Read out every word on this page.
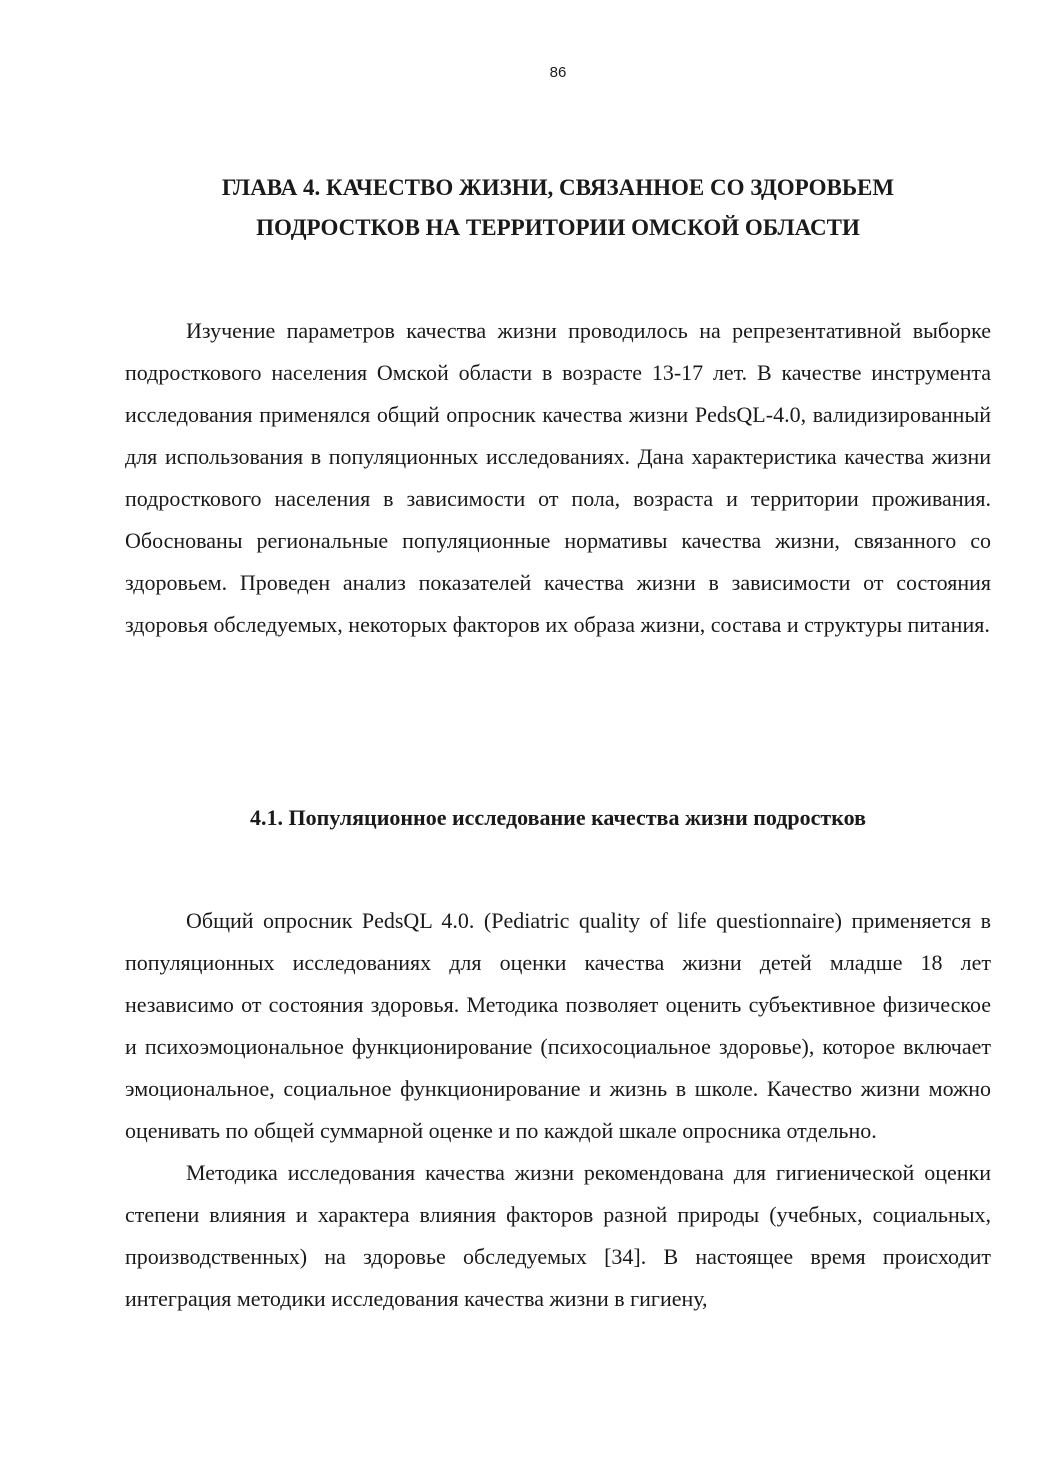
86
ГЛАВА 4. КАЧЕСТВО ЖИЗНИ, СВЯЗАННОЕ СО ЗДОРОВЬЕМ
ПОДРОСТКОВ НА ТЕРРИТОРИИ ОМСКОЙ ОБЛАСТИ

Изучение параметров качества жизни проводилось на репрезентативной выборке подросткового населения Омской области в возрасте 13-17 лет. В качестве инструмента исследования применялся общий опросник качества жизни PedsQL-4.0, валидизированный для использования в популяционных исследованиях. Дана характеристика качества жизни подросткового населения в зависимости от пола, возраста и территории проживания. Обоснованы региональные популяционные нормативы качества жизни, связанного со здоровьем. Проведен анализ показателей качества жизни в зависимости от состояния здоровья обследуемых, некоторых факторов их образа жизни, состава и структуры питания.

4.1. Популяционное исследование качества жизни подростков

Общий опросник PedsQL 4.0. (Pediatric quality of life questionnaire) применяется в популяционных исследованиях для оценки качества жизни детей младше 18 лет независимо от состояния здоровья. Методика позволяет оценить субъективное физическое и психоэмоциональное функционирование (психосоциальное здоровье), которое включает эмоциональное, социальное функционирование и жизнь в школе. Качество жизни можно оценивать по общей суммарной оценке и по каждой шкале опросника отдельно.

Методика исследования качества жизни рекомендована для гигиенической оценки степени влияния и характера влияния факторов разной природы (учебных, социальных, производственных) на здоровье обследуемых [34]. В настоящее время происходит интеграция методики исследования качества жизни в гигиену,
